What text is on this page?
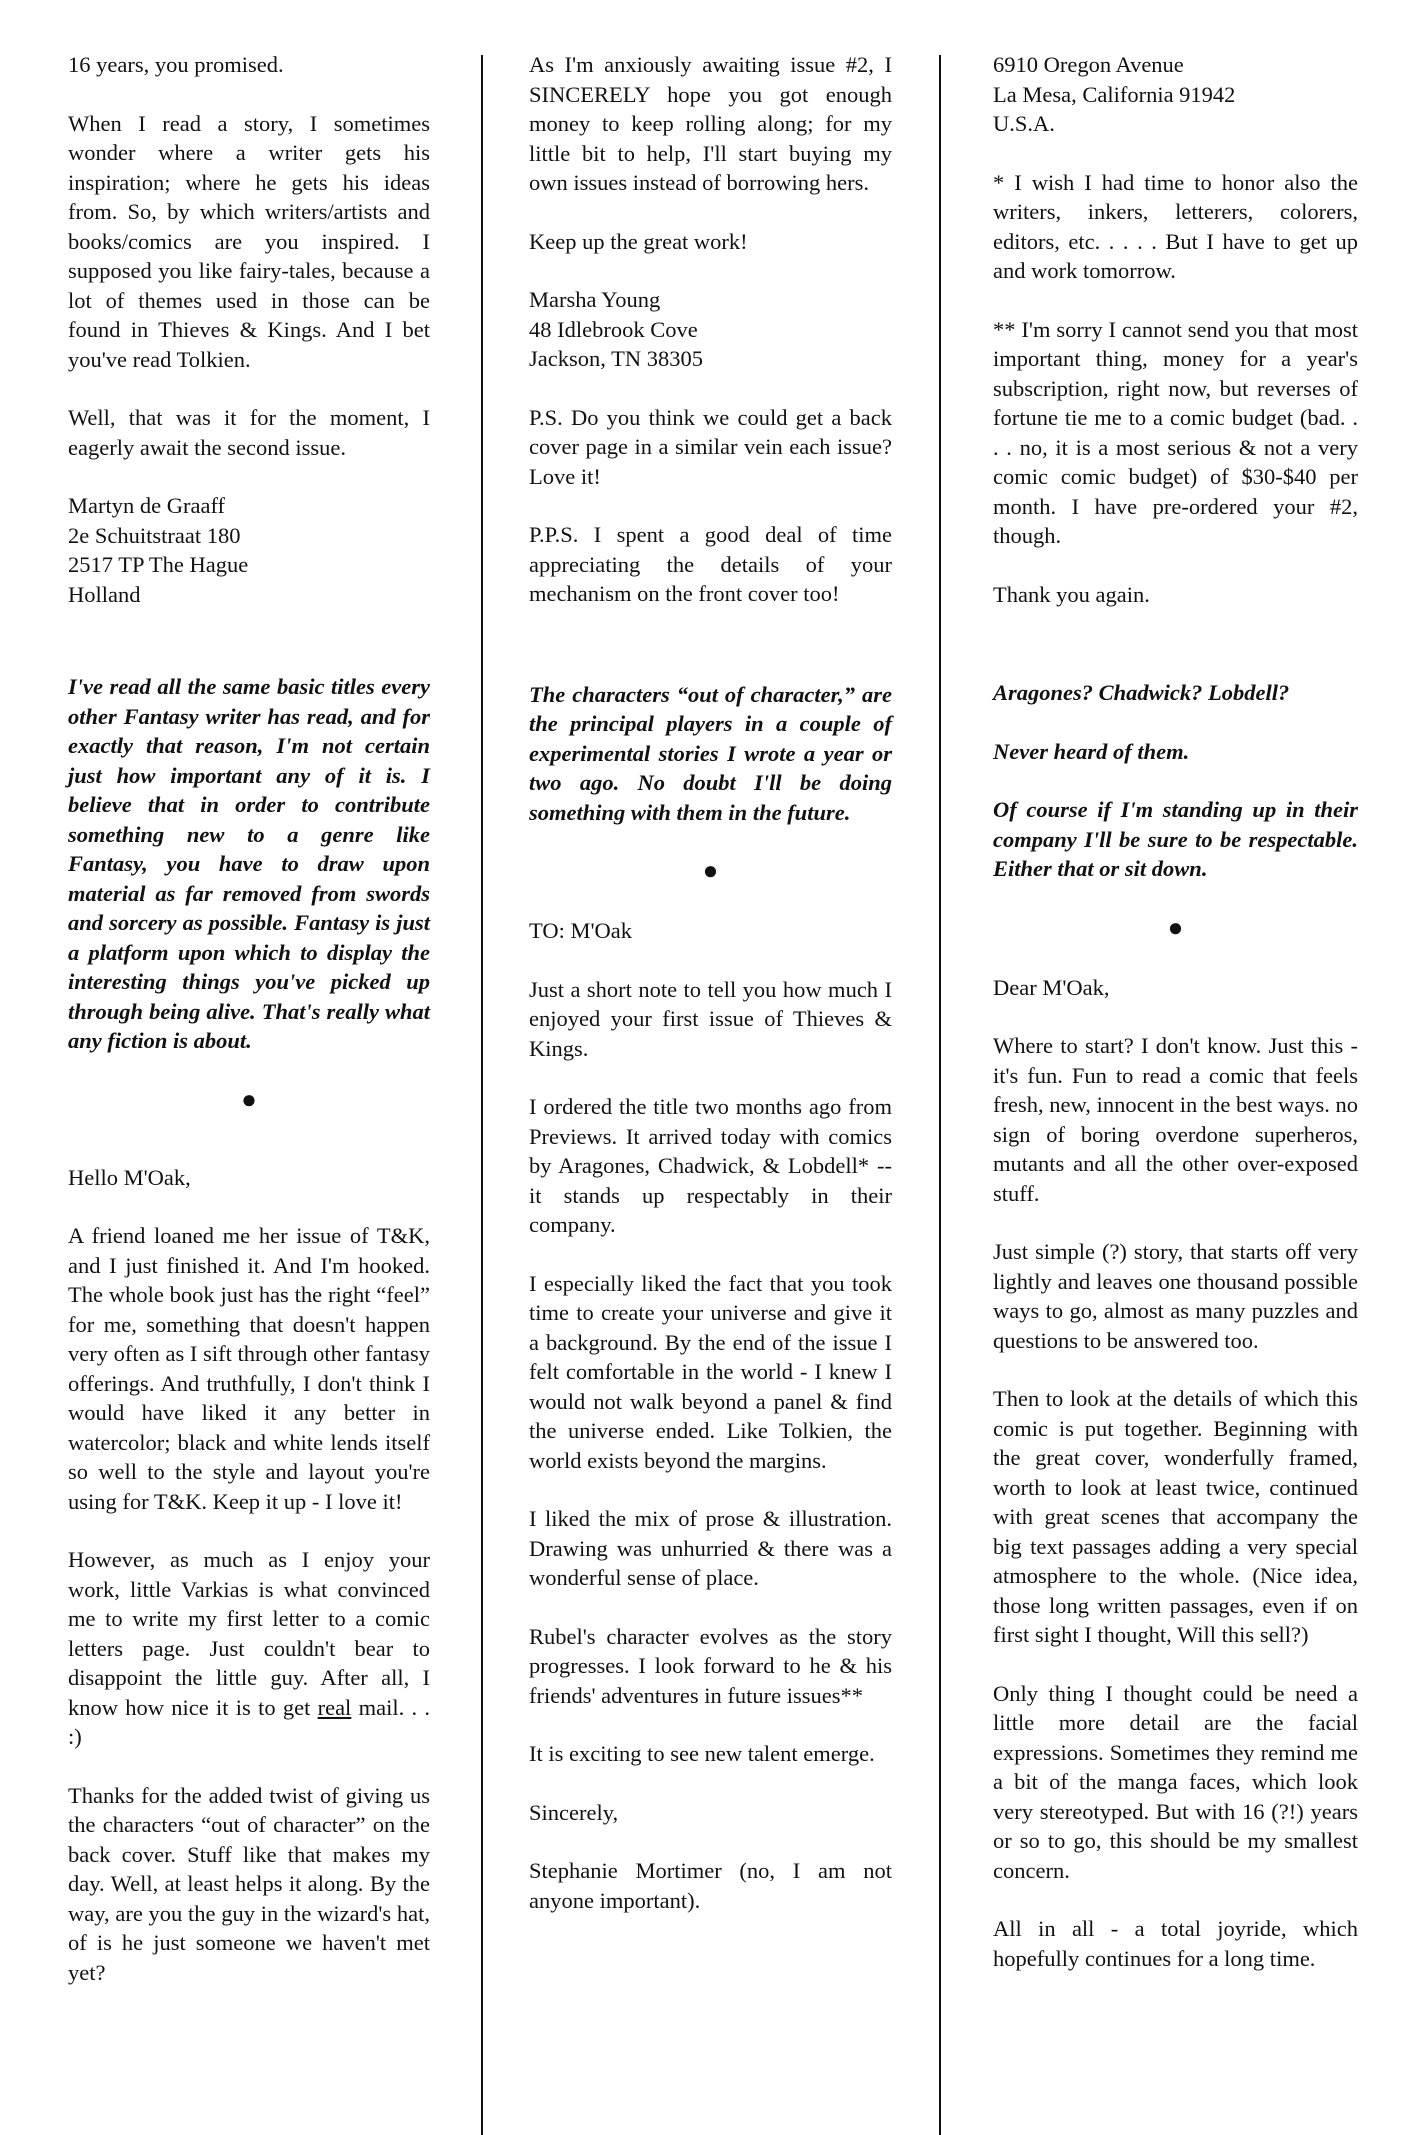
16 years, you promised.

When I read a story, I sometimes wonder where a writer gets his inspiration; where he gets his ideas from. So, by which writers/artists and books/comics are you inspired. I supposed you like fairy-tales, because a lot of themes used in those can be found in Thieves & Kings. And I bet you've read Tolkien.

Well, that was it for the moment, I eagerly await the second issue.

Martyn de Graaff
2e Schuitstraat 180
2517 TP The Hague
Holland

I've read all the same basic titles every other Fantasy writer has read, and for exactly that reason, I'm not certain just how important any of it is. I believe that in order to contribute something new to a genre like Fantasy, you have to draw upon material as far removed from swords and sorcery as possible. Fantasy is just a platform upon which to display the interesting things you've picked up through being alive. That's really what any fiction is about.

●

Hello M'Oak,

A friend loaned me her issue of T&K, and I just finished it. And I'm hooked. The whole book just has the right “feel” for me, something that doesn't happen very often as I sift through other fantasy offerings. And truthfully, I don't think I would have liked it any better in watercolor; black and white lends itself so well to the style and layout you're using for T&K. Keep it up - I love it!

However, as much as I enjoy your work, little Varkias is what convinced me to write my first letter to a comic letters page. Just couldn't bear to disappoint the little guy. After all, I know how nice it is to get real mail. . . :)

Thanks for the added twist of giving us the characters “out of character” on the back cover. Stuff like that makes my day. Well, at least helps it along. By the way, are you the guy in the wizard's hat, of is he just someone we haven't met yet?

As I'm anxiously awaiting issue #2, I SINCERELY hope you got enough money to keep rolling along; for my little bit to help, I'll start buying my own issues instead of borrowing hers.

Keep up the great work!

Marsha Young
48 Idlebrook Cove
Jackson, TN 38305

P.S. Do you think we could get a back cover page in a similar vein each issue? Love it!

P.P.S. I spent a good deal of time appreciating the details of your mechanism on the front cover too!

The characters “out of character,” are the principal players in a couple of experimental stories I wrote a year or two ago. No doubt I'll be doing something with them in the future.

●

TO: M'Oak

Just a short note to tell you how much I enjoyed your first issue of Thieves & Kings.

I ordered the title two months ago from Previews. It arrived today with comics by Aragones, Chadwick, & Lobdell* --it stands up respectably in their company.

I especially liked the fact that you took time to create your universe and give it a background. By the end of the issue I felt comfortable in the world - I knew I would not walk beyond a panel & find the universe ended. Like Tolkien, the world exists beyond the margins.

I liked the mix of prose & illustration. Drawing was unhurried & there was a wonderful sense of place.

Rubel's character evolves as the story progresses. I look forward to he & his friends' adventures in future issues**

It is exciting to see new talent emerge.

Sincerely,

Stephanie Mortimer (no, I am not anyone important).

6910 Oregon Avenue
La Mesa, California 91942
U.S.A.

* I wish I had time to honor also the writers, inkers, letterers, colorers, editors, etc. . . . . But I have to get up and work tomorrow.

** I'm sorry I cannot send you that most important thing, money for a year's subscription, right now, but reverses of fortune tie me to a comic budget (bad. . . . no, it is a most serious & not a very comic comic budget) of $30-$40 per month. I have pre-ordered your #2, though.

Thank you again.

Aragones? Chadwick? Lobdell?

Never heard of them.

Of course if I'm standing up in their company I'll be sure to be respectable. Either that or sit down.

●

Dear M'Oak,

Where to start? I don't know. Just this - it's fun. Fun to read a comic that feels fresh, new, innocent in the best ways. no sign of boring overdone superheros, mutants and all the other over-exposed stuff.

Just simple (?) story, that starts off very lightly and leaves one thousand possible ways to go, almost as many puzzles and questions to be answered too.

Then to look at the details of which this comic is put together. Beginning with the great cover, wonderfully framed, worth to look at least twice, continued with great scenes that accompany the big text passages adding a very special atmosphere to the whole. (Nice idea, those long written passages, even if on first sight I thought, Will this sell?)

Only thing I thought could be need a little more detail are the facial expressions. Sometimes they remind me a bit of the manga faces, which look very stereotyped. But with 16 (?!) years or so to go, this should be my smallest concern.

All in all - a total joyride, which hopefully continues for a long time.
